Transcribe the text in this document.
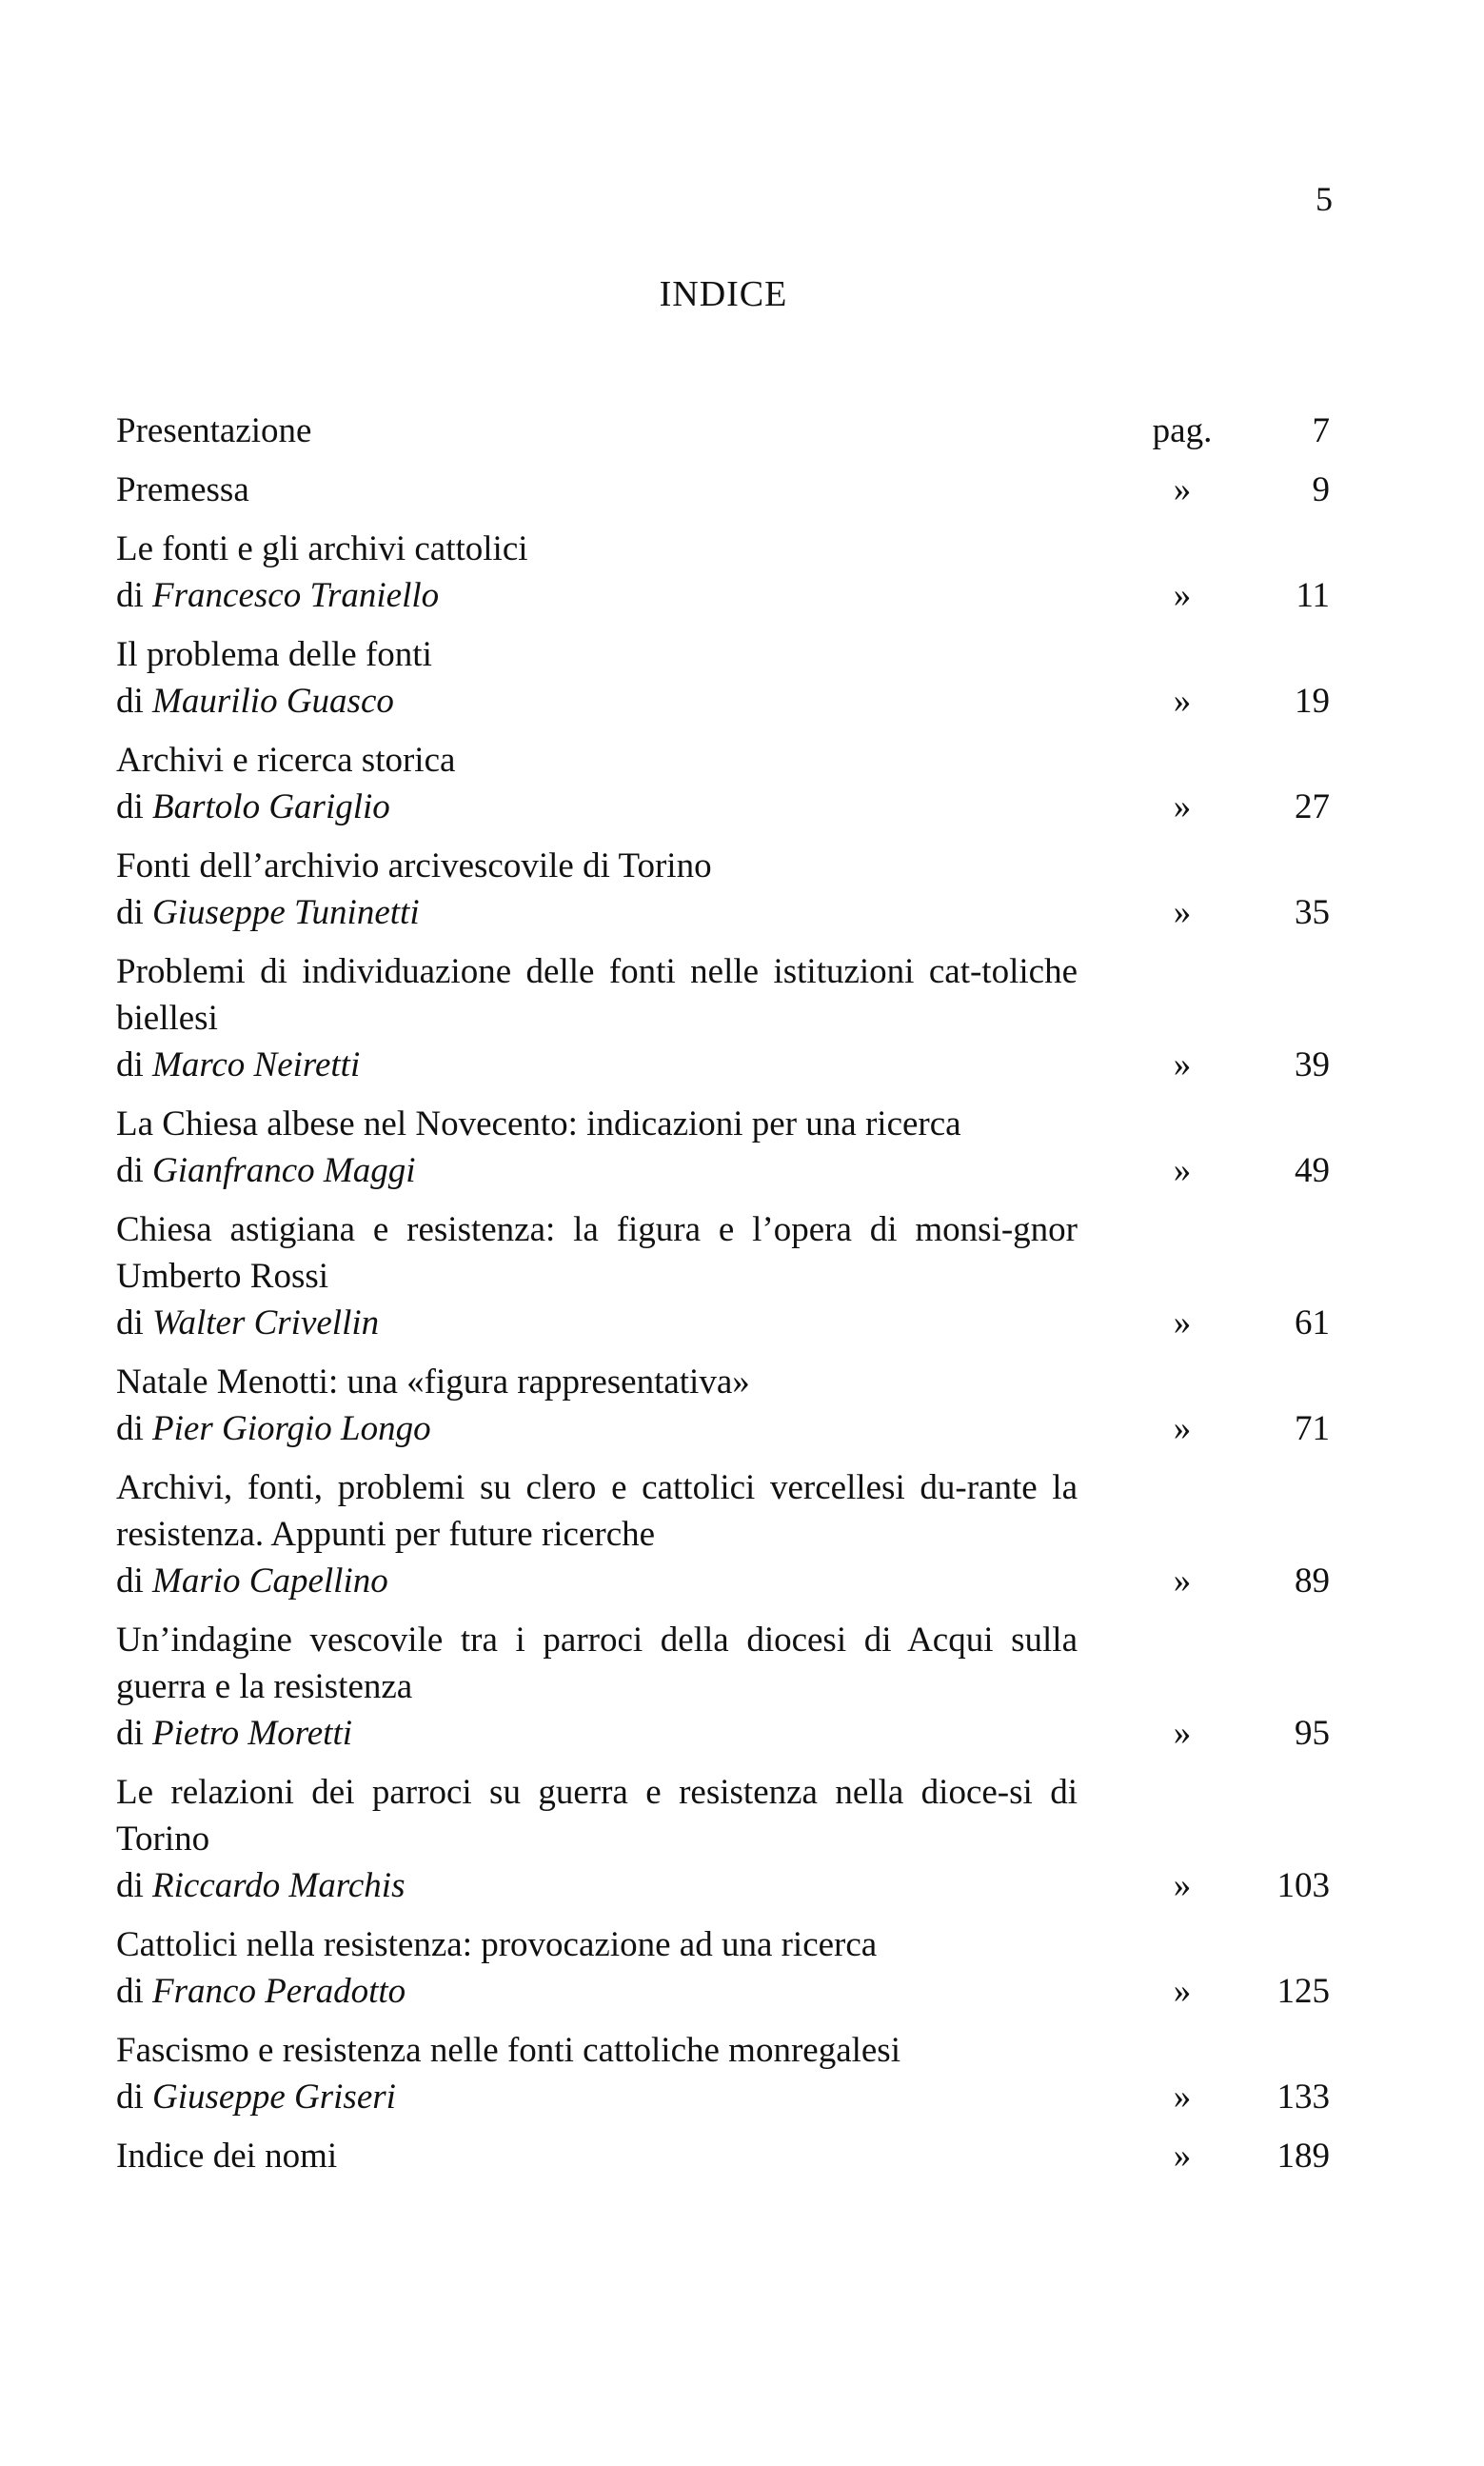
5
INDICE
Presentazione	pag.	7
Premessa	»	9
Le fonti e gli archivi cattolici
di Francesco Traniello	»	11
Il problema delle fonti
di Maurilio Guasco	»	19
Archivi e ricerca storica
di Bartolo Gariglio	»	27
Fonti dell’archivio arcivescovile di Torino
di Giuseppe Tuninetti	»	35
Problemi di individuazione delle fonti nelle istituzioni cat-toliche biellesi
di Marco Neiretti	»	39
La Chiesa albese nel Novecento: indicazioni per una ricerca
di Gianfranco Maggi	»	49
Chiesa astigiana e resistenza: la figura e l’opera di monsi-gnor Umberto Rossi
di Walter Crivellin	»	61
Natale Menotti: una «figura rappresentativa»
di Pier Giorgio Longo	»	71
Archivi, fonti, problemi su clero e cattolici vercellesi du-rante la resistenza. Appunti per future ricerche
di Mario Capellino	»	89
Un’indagine vescovile tra i parroci della diocesi di Acqui sulla guerra e la resistenza
di Pietro Moretti	»	95
Le relazioni dei parroci su guerra e resistenza nella dioce-si di Torino
di Riccardo Marchis	»	103
Cattolici nella resistenza: provocazione ad una ricerca
di Franco Peradotto	»	125
Fascismo e resistenza nelle fonti cattoliche monregalesi
di Giuseppe Griseri	»	133
Indice dei nomi	»	189
